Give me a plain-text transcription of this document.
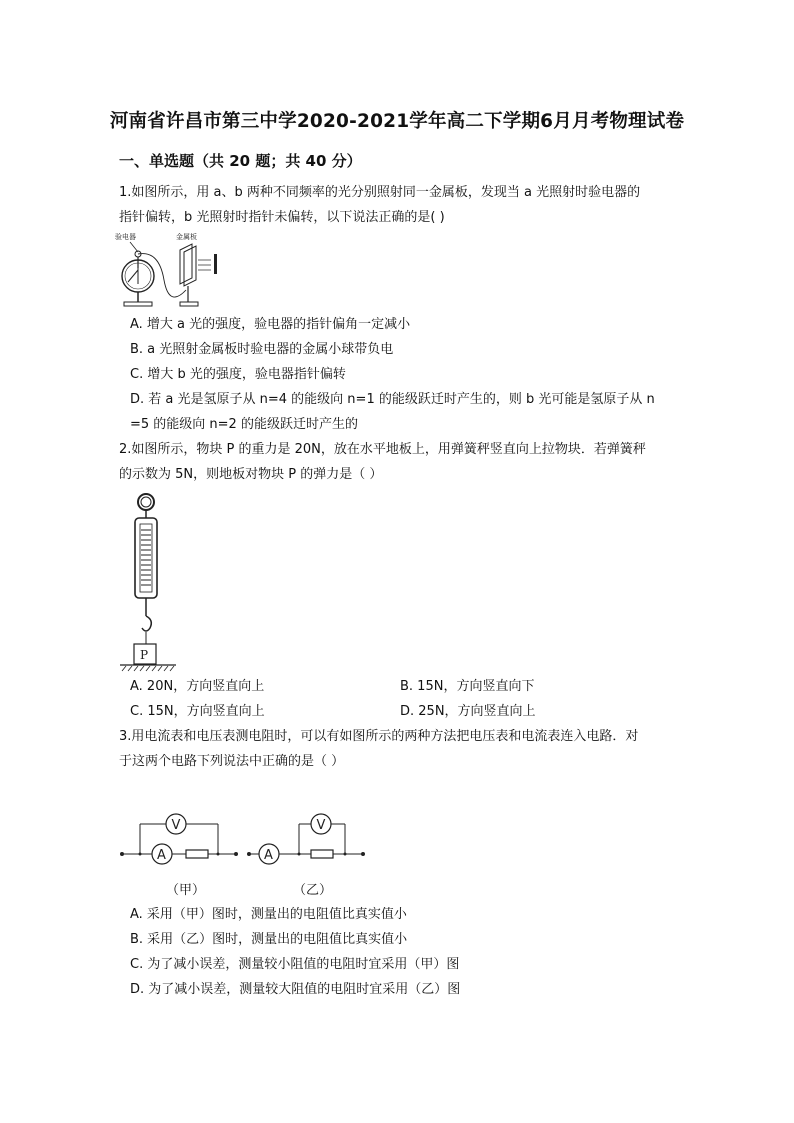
河南省许昌市第三中学2020-2021学年高二下学期6月月考物理试卷
一、单选题（共 20 题；共 40 分）
1.如图所示，用 a、b 两种不同频率的光分别照射同一金属板，发现当 a 光照射时验电器的
指针偏转，b 光照射时指针未偏转，以下说法正确的是( )
验电器	金属板
A. 增大 a 光的强度，验电器的指针偏角一定减小
B. a 光照射金属板时验电器的金属小球带负电
C. 增大 b 光的强度，验电器指针偏转
D. 若 a 光是氢原子从 n=4 的能级向 n=1 的能级跃迁时产生的，则 b 光可能是氢原子从 n
=5 的能级向 n=2 的能级跃迁时产生的
2.如图所示，物块 P 的重力是 20N，放在水平地板上，用弹簧秤竖直向上拉物块．若弹簧秤
的示数为 5N，则地板对物块 P 的弹力是（ ）
P
A. 20N，方向竖直向上	B. 15N，方向竖直向下
C. 15N，方向竖直向上	D. 25N，方向竖直向上
3.用电流表和电压表测电阻时，可以有如图所示的两种方法把电压表和电流表连入电路．对
于这两个电路下列说法中正确的是（ ）
V
A	A
V
（甲）	（乙）
A. 采用（甲）图时，测量出的电阻值比真实值小
B. 采用（乙）图时，测量出的电阻值比真实值小
C. 为了减小误差，测量较小阻值的电阻时宜采用（甲）图
D. 为了减小误差，测量较大阻值的电阻时宜采用（乙）图
